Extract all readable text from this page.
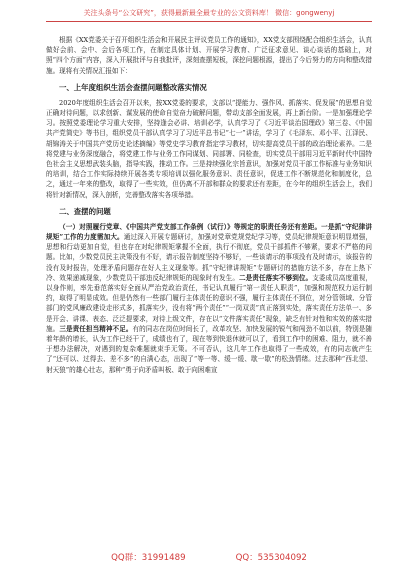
关注头条号“公文研究”，获得最新最全最专业的公文资料库！ 微信：gongwenyj

根据《XX党委关于召开组织生活会和开展民主评议党员工作的通知》，XX党支部围绕配合组织生活会，认真做好会前、会中、会后各项工作，在制定具体计划、开展学习教育、广泛征求意见、谈心谈话的基础上，对照“四个方面”内容，深入开展批评与自我批评，深刻查摆短板，深挖问题根源，提出了今后努力的方向和整改措施。现将有关情况汇报如下：

一、上年度组织生活会查摆问题整改落实情况

2020年度组织生活会召开以来，按XX党委的要求，支部以“提能力、强作风、抓落实、促发展”的思想自觉正确对待问题，以求创新、谋发展的使命自觉奋力破解问题，带动支部全面发展，再上新台阶。一是加强理论学习。按照党委理论学习重大安排，坚持逢会必讲、培训必学，认真学习了《习近平谈治国理政》第三卷、《中国共产党简史》等书目，组织党员干部认真学习了习近平总书记“七一”讲话，学习了《毛泽东、邓小平、江泽民、胡锦涛关于中国共产党历史论述摘编》等党史学习教育指定学习教材，切实提高党员干部的政治理论素养。二是将党建与业务深度融合，将党建工作与业务工作同谋划、同部署、同检查，切实党员干部用习近平新时代中国特色社会主义思想武装头脑，指导实践，推动工作。三是持续强化宗旨意识，加强对党员干部工作标准与业务知识的培训，结合工作实际持续开展各类专项培训以强化服务意识、责任意识，促进工作不断规范化和制度化，总之，通过一年来的整改，取得了一些实效，但仍离不开部和群众的要求还有差距，在今年的组织生活会上，我们将针对新情况，深入剖析，完善整改落实各项举措。

二、查摆的问题

（一）对照履行党章、《中国共产党支部工作条例（试行）》等规定的职责任务还有差距。一是抓“守纪律讲规矩”工作的力度需加大。通过深入开展专题研讨，加强对党章党规党纪学习等，党员纪律规矩意识明显增强，思想和行动更加自觉，但也存在对纪律规矩掌握不全面，执行不彻底，党员干部抓件不够紧，要求不严格的问题。比如，少数党员民主决策没有不好，请示报告制度坚持不够好，一些该请示的事项没有及时请示，该报告的没有及时报告，处理矛盾问题存在好人主义现象等。抓“守纪律讲规矩”专题研讨的措施方法不多，存在上热下冷、效果递减现象，少数党员干部违反纪律规矩的现象时有发生。二是责任落实不够到位。支委成员高度重视，以身作则，率先垂范落实好全面从严治党政治责任，书记认真履行“第一责任人职责”，加强和规范权力运行制约，取得了明显成效。但是仍然有一些部门履行主体责任的意识不强，履行主体责任不到位，对分管领域、分管部门的党风廉政建设走形式多，抓落实少，没有将“两个责任”“一岗双责”真正落到实处，落实责任方法单一、多是开会、讲课、表态、泛泛提要求，对待上级文件，存在以“文件落实责任”现象，缺乏有针对性和实效的落实措施。三是责任担当精神不足。有的同志在岗位时间长了，改革攻坚、加快发展的锐气和闯劲不如以前，特别是随着年龄的增长，认为工作已经干了，成绩也有了，现在等到快退休就可以了，看到工作中的困难、阻力，就不善于想办法解决，对遇到的复杂难题就束手无策。不可否认，这几年工作也取得了一些成效，有的同志就产生了“还可以、过得去、差不多”的自满心态，出现了“等一等、缓一缓、歇一歇”的松劲情绪。过去那种“西北望、射天狼”的雄心壮志，那种“勇于向矛盾叫板、敢于向困难宣

QQ群：31991489	QQ：535304092
